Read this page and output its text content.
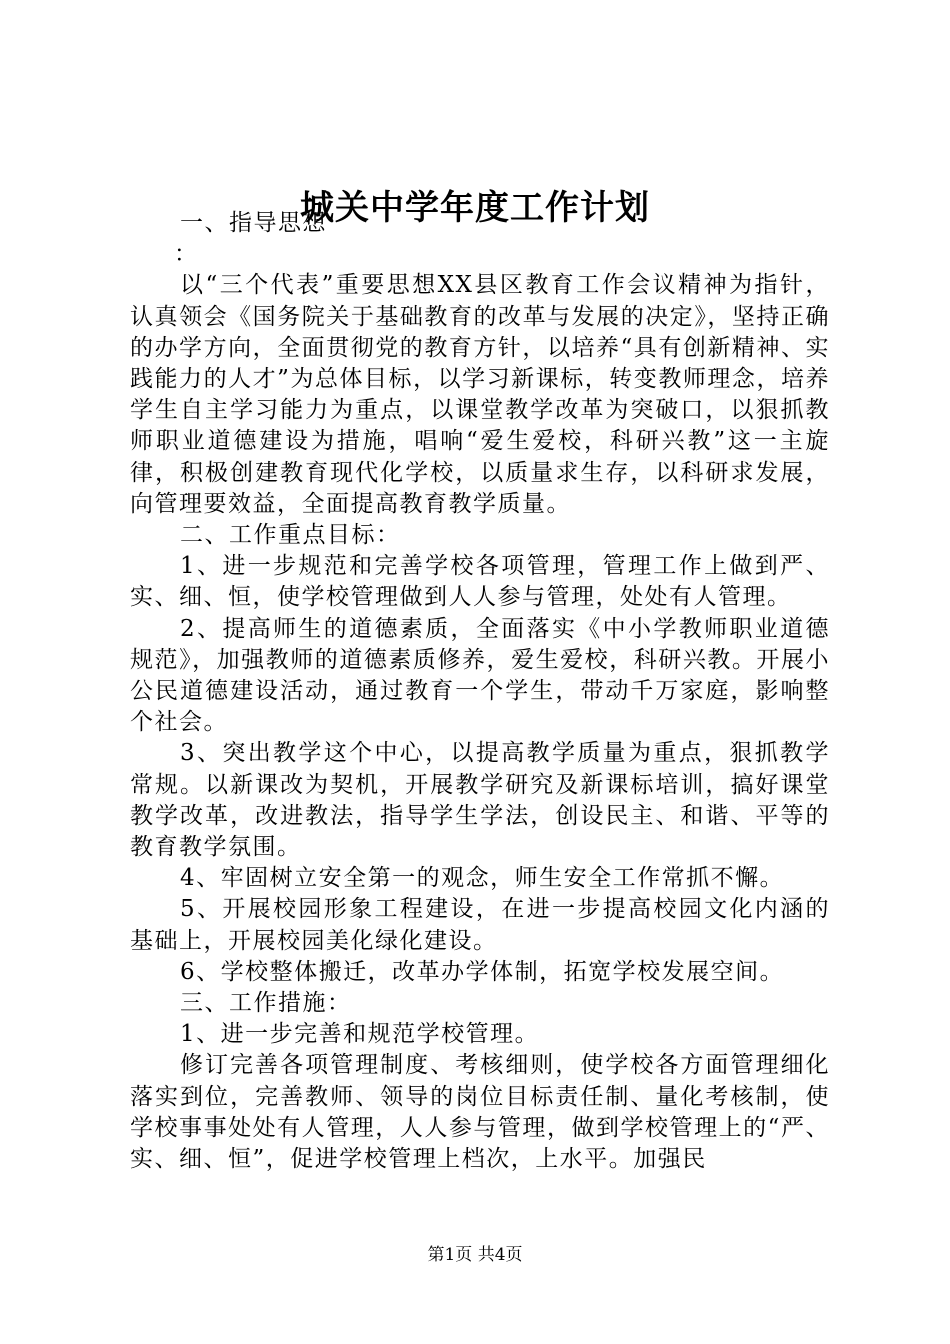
城关中学年度工作计划

一、指导思想

：

以“三个代表”重要思想XX县区教育工作会议精神为指针，认真领会《国务院关于基础教育的改革与发展的决定》，坚持正确的办学方向，全面贯彻党的教育方针，以培养“具有创新精神、实践能力的人才”为总体目标，以学习新课标，转变教师理念，培养学生自主学习能力为重点，以课堂教学改革为突破口，以狠抓教师职业道德建设为措施，唱响“爱生爱校，科研兴教”这一主旋律，积极创建教育现代化学校，以质量求生存，以科研求发展，向管理要效益，全面提高教育教学质量。

二、工作重点目标：

1、进一步规范和完善学校各项管理，管理工作上做到严、实、细、恒，使学校管理做到人人参与管理，处处有人管理。

2、提高师生的道德素质，全面落实《中小学教师职业道德规范》，加强教师的道德素质修养，爱生爱校，科研兴教。开展小公民道德建设活动，通过教育一个学生，带动千万家庭，影响整个社会。

3、突出教学这个中心，以提高教学质量为重点，狠抓教学常规。以新课改为契机，开展教学研究及新课标培训，搞好课堂教学改革，改进教法，指导学生学法，创设民主、和谐、平等的教育教学氛围。

4、牢固树立安全第一的观念，师生安全工作常抓不懈。

5、开展校园形象工程建设，在进一步提高校园文化内涵的基础上，开展校园美化绿化建设。

6、学校整体搬迁，改革办学体制，拓宽学校发展空间。

三、工作措施：

1、进一步完善和规范学校管理。

修订完善各项管理制度、考核细则，使学校各方面管理细化落实到位，完善教师、领导的岗位目标责任制、量化考核制，使学校事事处处有人管理，人人参与管理，做到学校管理上的“严、实、细、恒”，促进学校管理上档次，上水平。加强民

第1页 共4页
